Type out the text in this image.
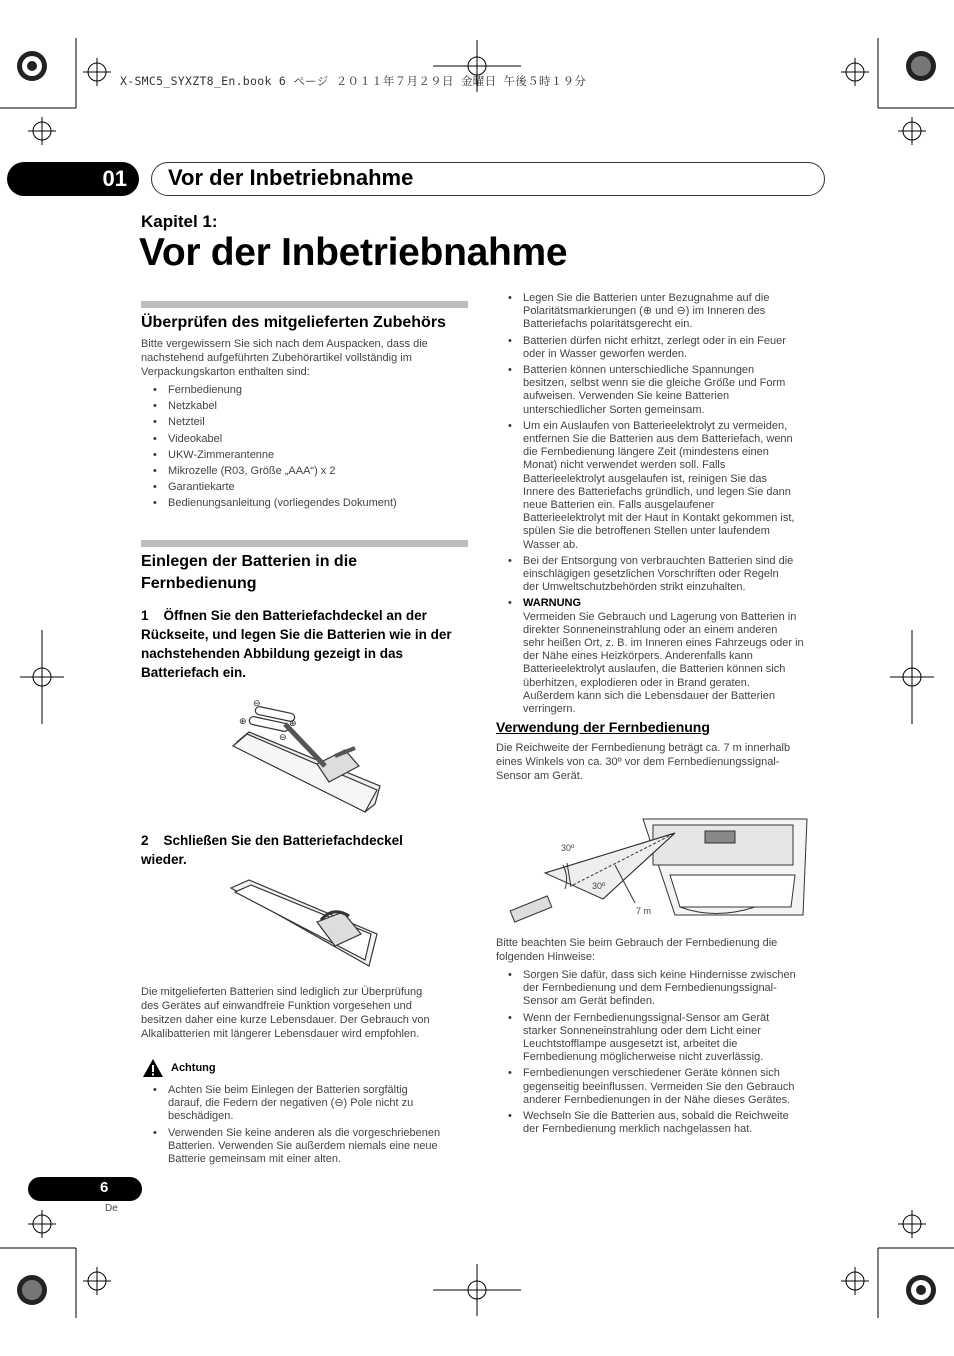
X-SMC5_SYXZT8_En.book 6 ページ ２０１１年７月２９日 金曜日 午後５時１９分
01 Vor der Inbetriebnahme
Kapitel 1:
Vor der Inbetriebnahme
Überprüfen des mitgelieferten Zubehörs
Bitte vergewissern Sie sich nach dem Auspacken, dass die
nachstehend aufgeführten Zubehörartikel vollständig im
Verpackungskarton enthalten sind:
• Fernbedienung
• Netzkabel
• Netzteil
• Videokabel
• UKW-Zimmerantenne
• Mikrozelle (R03, Größe „AAA“) x 2
• Garantiekarte
• Bedienungsanleitung (vorliegendes Dokument)
Einlegen der Batterien in die
Fernbedienung
1    Öffnen Sie den Batteriefachdeckel an der
Rückseite, und legen Sie die Batterien wie in der
nachstehenden Abbildung gezeigt in das
Batteriefach ein.
⊖
⊕	⊕
⊖
2    Schließen Sie den Batteriefachdeckel
wieder.
Die mitgelieferten Batterien sind lediglich zur Überprüfung
des Gerätes auf einwandfreie Funktion vorgesehen und
besitzen daher eine kurze Lebensdauer. Der Gebrauch von
Alkalibatterien mit längerer Lebensdauer wird empfohlen.
Achtung
• Achten Sie beim Einlegen der Batterien sorgfältig
darauf, die Federn der negativen (⊖) Pole nicht zu
beschädigen.
• Verwenden Sie keine anderen als die vorgeschriebenen
Batterien. Verwenden Sie außerdem niemals eine neue
Batterie gemeinsam mit einer alten.
• Legen Sie die Batterien unter Bezugnahme auf die
Polaritätsmarkierungen (⊕ und ⊖) im Inneren des
Batteriefachs polaritätsgerecht ein.
• Batterien dürfen nicht erhitzt, zerlegt oder in ein Feuer
oder in Wasser geworfen werden.
• Batterien können unterschiedliche Spannungen
besitzen, selbst wenn sie die gleiche Größe und Form
aufweisen. Verwenden Sie keine Batterien
unterschiedlicher Sorten gemeinsam.
• Um ein Auslaufen von Batterieelektrolyt zu vermeiden,
entfernen Sie die Batterien aus dem Batteriefach, wenn
die Fernbedienung längere Zeit (mindestens einen
Monat) nicht verwendet werden soll. Falls
Batterieelektrolyt ausgelaufen ist, reinigen Sie das
Innere des Batteriefachs gründlich, und legen Sie dann
neue Batterien ein. Falls ausgelaufener
Batterieelektrolyt mit der Haut in Kontakt gekommen ist,
spülen Sie die betroffenen Stellen unter laufendem
Wasser ab.
• Bei der Entsorgung von verbrauchten Batterien sind die
einschlägigen gesetzlichen Vorschriften oder Regeln
der Umweltschutzbehörden strikt einzuhalten.
• WARNUNG
Vermeiden Sie Gebrauch und Lagerung von Batterien in
direkter Sonneneinstrahlung oder an einem anderen
sehr heißen Ort, z. B. im Inneren eines Fahrzeugs oder in
der Nähe eines Heizkörpers. Anderenfalls kann
Batterieelektrolyt auslaufen, die Batterien können sich
überhitzen, explodieren oder in Brand geraten.
Außerdem kann sich die Lebensdauer der Batterien
verringern.
Verwendung der Fernbedienung
Die Reichweite der Fernbedienung beträgt ca. 7 m innerhalb
eines Winkels von ca. 30º vor dem Fernbedienungssignal-
Sensor am Gerät.
30º
30º
7 m
Bitte beachten Sie beim Gebrauch der Fernbedienung die
folgenden Hinweise:
• Sorgen Sie dafür, dass sich keine Hindernisse zwischen
der Fernbedienung und dem Fernbedienungssignal-
Sensor am Gerät befinden.
• Wenn der Fernbedienungssignal-Sensor am Gerät
starker Sonneneinstrahlung oder dem Licht einer
Leuchtstofflampe ausgesetzt ist, arbeitet die
Fernbedienung möglicherweise nicht zuverlässig.
• Fernbedienungen verschiedener Geräte können sich
gegenseitig beeinflussen. Vermeiden Sie den Gebrauch
anderer Fernbedienungen in der Nähe dieses Gerätes.
• Wechseln Sie die Batterien aus, sobald die Reichweite
der Fernbedienung merklich nachgelassen hat.
6
De
